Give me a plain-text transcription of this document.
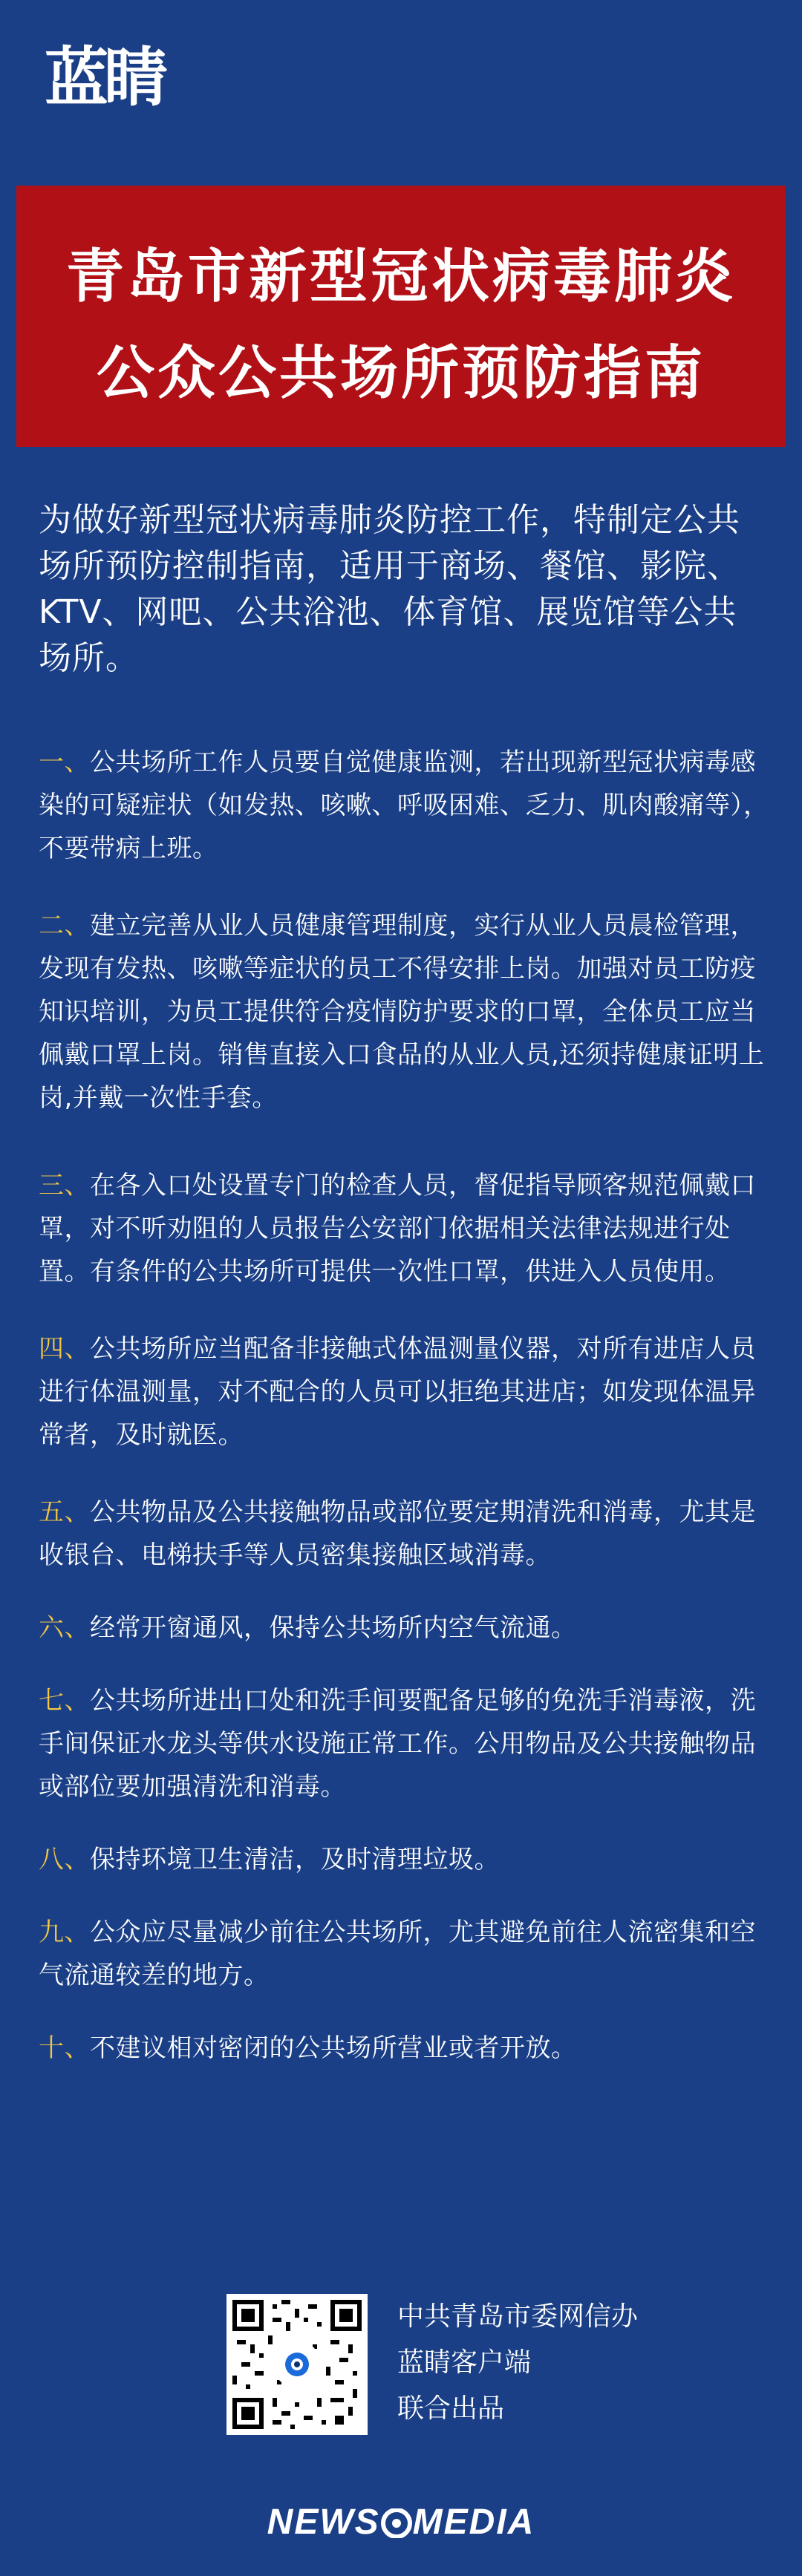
蓝睛
青岛市新型冠状病毒肺炎
公众公共场所预防指南

为做好新型冠状病毒肺炎防控工作，特制定公共场所预防控制指南，适用于商场、餐馆、影院、KTV、网吧、公共浴池、体育馆、展览馆等公共场所。

一、公共场所工作人员要自觉健康监测，若出现新型冠状病毒感染的可疑症状（如发热、咳嗽、呼吸困难、乏力、肌肉酸痛等），不要带病上班。

二、建立完善从业人员健康管理制度，实行从业人员晨检管理，发现有发热、咳嗽等症状的员工不得安排上岗。加强对员工防疫知识培训，为员工提供符合疫情防护要求的口罩，全体员工应当佩戴口罩上岗。销售直接入口食品的从业人员,还须持健康证明上岗,并戴一次性手套。

三、在各入口处设置专门的检查人员，督促指导顾客规范佩戴口罩，对不听劝阻的人员报告公安部门依据相关法律法规进行处置。有条件的公共场所可提供一次性口罩，供进入人员使用。

四、公共场所应当配备非接触式体温测量仪器，对所有进店人员进行体温测量，对不配合的人员可以拒绝其进店；如发现体温异常者，及时就医。

五、公共物品及公共接触物品或部位要定期清洗和消毒，尤其是收银台、电梯扶手等人员密集接触区域消毒。

六、经常开窗通风，保持公共场所内空气流通。

七、公共场所进出口处和洗手间要配备足够的免洗手消毒液，洗手间保证水龙头等供水设施正常工作。公用物品及公共接触物品或部位要加强清洗和消毒。

八、保持环境卫生清洁，及时清理垃圾。

九、公众应尽量减少前往公共场所，尤其避免前往人流密集和空气流通较差的地方。

十、不建议相对密闭的公共场所营业或者开放。

中共青岛市委网信办
蓝睛客户端
联合出品
NEWS MEDIA
